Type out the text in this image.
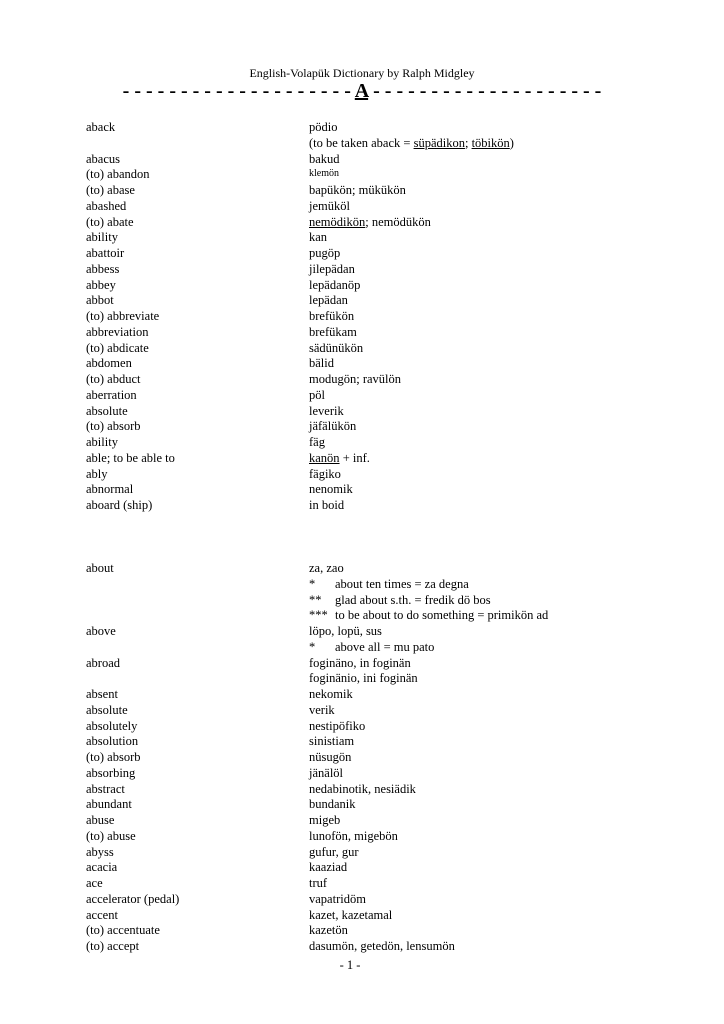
English-Volapük Dictionary by Ralph Midgley
- - - - - - - - - - - - - - - - - - - - A - - - - - - - - - - - - - - - - - - - -
aback	pödio
(to be taken aback = süpädikon; töbikön)
abacus	bakud
(to) abandon	klemön
(to) abase	bapükön; mükükön
abashed	jemüköl
(to) abate	nemödikön; nemödükön
ability	kan
abattoir	pugöp
abbess	jilepädan
abbey	lepädanöp
abbot	lepädan
(to) abbreviate	brefükön
abbreviation	brefükam
(to) abdicate	sädünükön
abdomen	bälid
(to) abduct	modugön; ravülön
aberration	pöl
absolute	leverik
(to) absorb	jäfälükön
ability	fäg
able; to be able to	kanön + inf.
ably	fägiko
abnormal	nenomik
aboard (ship)	in boid
about	za, zao
* about ten times = za degna
** glad about s.th. = fredik dö bos
*** to be about to do something = primikön ad
above	löpo, lopü, sus
* above all = mu pato
abroad	foginäno, in foginän
foginänio, ini foginän
absent	nekomik
absolute	verik
absolutely	nestipöfiko
absolution	sinistiam
(to) absorb	nüsugön
absorbing	jänälöl
abstract	nedabinotik, nesiädik
abundant	bundanik
abuse	migeb
(to) abuse	lunofön, migebön
abyss	gufur, gur
acacia	kaaziad
ace	truf
accelerator (pedal)	vapatridöm
accent	kazet, kazetamal
(to) accentuate	kazetön
(to) accept	dasumön, getedön, lensumön
- 1 -
